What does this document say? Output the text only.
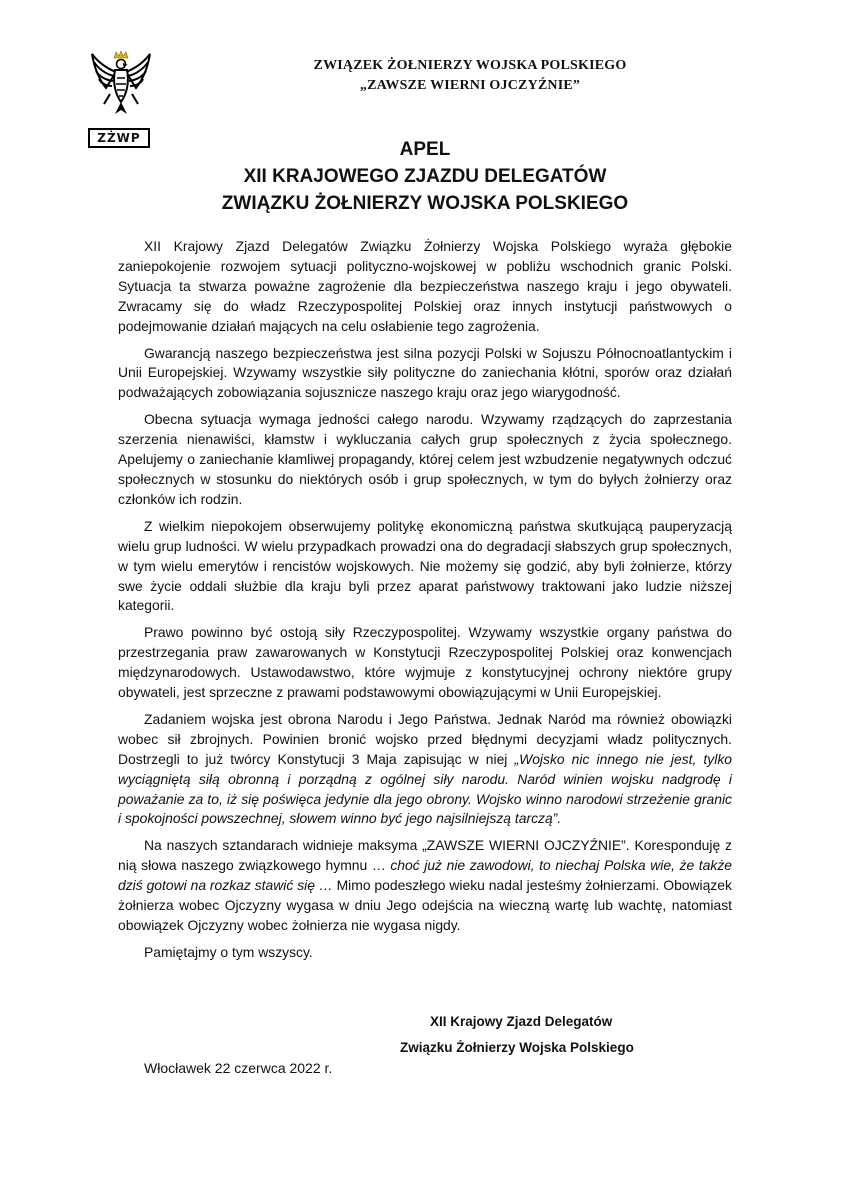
ZŻWP
ZWIĄZEK ŻOŁNIERZY WOJSKA POLSKIEGO
„ZAWSZE WIERNI OJCZYŹNIE”
APEL
XII KRAJOWEGO ZJAZDU DELEGATÓW
ZWIĄZKU ŻOŁNIERZY WOJSKA POLSKIEGO

XII Krajowy Zjazd Delegatów Związku Żołnierzy Wojska Polskiego wyraża głębokie zaniepokojenie rozwojem sytuacji polityczno-wojskowej w pobliżu wschodnich granic Polski. Sytuacja ta stwarza poważne zagrożenie dla bezpieczeństwa naszego kraju i jego obywateli. Zwracamy się do władz Rzeczypospolitej Polskiej oraz innych instytucji państwowych o podejmowanie działań mających na celu osłabienie tego zagrożenia.

Gwarancją naszego bezpieczeństwa jest silna pozycji Polski w Sojuszu Północnoatlantyckim i Unii Europejskiej. Wzywamy wszystkie siły polityczne do zaniechania kłótni, sporów oraz działań podważających zobowiązania sojusznicze naszego kraju oraz jego wiarygodność.

Obecna sytuacja wymaga jedności całego narodu. Wzywamy rządzących do zaprzestania szerzenia nienawiści, kłamstw i wykluczania całych grup społecznych z życia społecznego. Apelujemy o zaniechanie kłamliwej propagandy, której celem jest wzbudzenie negatywnych odczuć społecznych w stosunku do niektórych osób i grup społecznych, w tym do byłych żołnierzy oraz członków ich rodzin.

Z wielkim niepokojem obserwujemy politykę ekonomiczną państwa skutkującą pauperyzacją wielu grup ludności. W wielu przypadkach prowadzi ona do degradacji słabszych grup społecznych, w tym wielu emerytów i rencistów wojskowych. Nie możemy się godzić, aby byli żołnierze, którzy swe życie oddali służbie dla kraju byli przez aparat państwowy traktowani jako ludzie niższej kategorii.

Prawo powinno być ostoją siły Rzeczypospolitej. Wzywamy wszystkie organy państwa do przestrzegania praw zawarowanych w Konstytucji Rzeczypospolitej Polskiej oraz konwencjach międzynarodowych. Ustawodawstwo, które wyjmuje z konstytucyjnej ochrony niektóre grupy obywateli, jest sprzeczne z prawami podstawowymi obowiązującymi w Unii Europejskiej.

Zadaniem wojska jest obrona Narodu i Jego Państwa. Jednak Naród ma również obowiązki wobec sił zbrojnych. Powinien bronić wojsko przed błędnymi decyzjami władz politycznych. Dostrzegli to już twórcy Konstytucji 3 Maja zapisując w niej „Wojsko nic innego nie jest, tylko wyciągniętą siłą obronną i porządną z ogólnej siły narodu. Naród winien wojsku nadgrodę i poważanie za to, iż się poświęca jedynie dla jego obrony. Wojsko winno narodowi strzeżenie granic i spokojności powszechnej, słowem winno być jego najsilniejszą tarczą”.

Na naszych sztandarach widnieje maksyma „ZAWSZE WIERNI OJCZYŹNIE”. Koresponduję z nią słowa naszego związkowego hymnu … choć już nie zawodowi, to niechaj Polska wie, że także dziś gotowi na rozkaz stawić się … Mimo podeszłego wieku nadal jesteśmy żołnierzami. Obowiązek żołnierza wobec Ojczyzny wygasa w dniu Jego odejścia na wieczną wartę lub wachtę, natomiast obowiązek Ojczyzny wobec żołnierza nie wygasa nigdy.

Pamiętajmy o tym wszyscy.

XII Krajowy Zjazd Delegatów
Związku Żołnierzy Wojska Polskiego
Włocławek 22 czerwca 2022 r.
